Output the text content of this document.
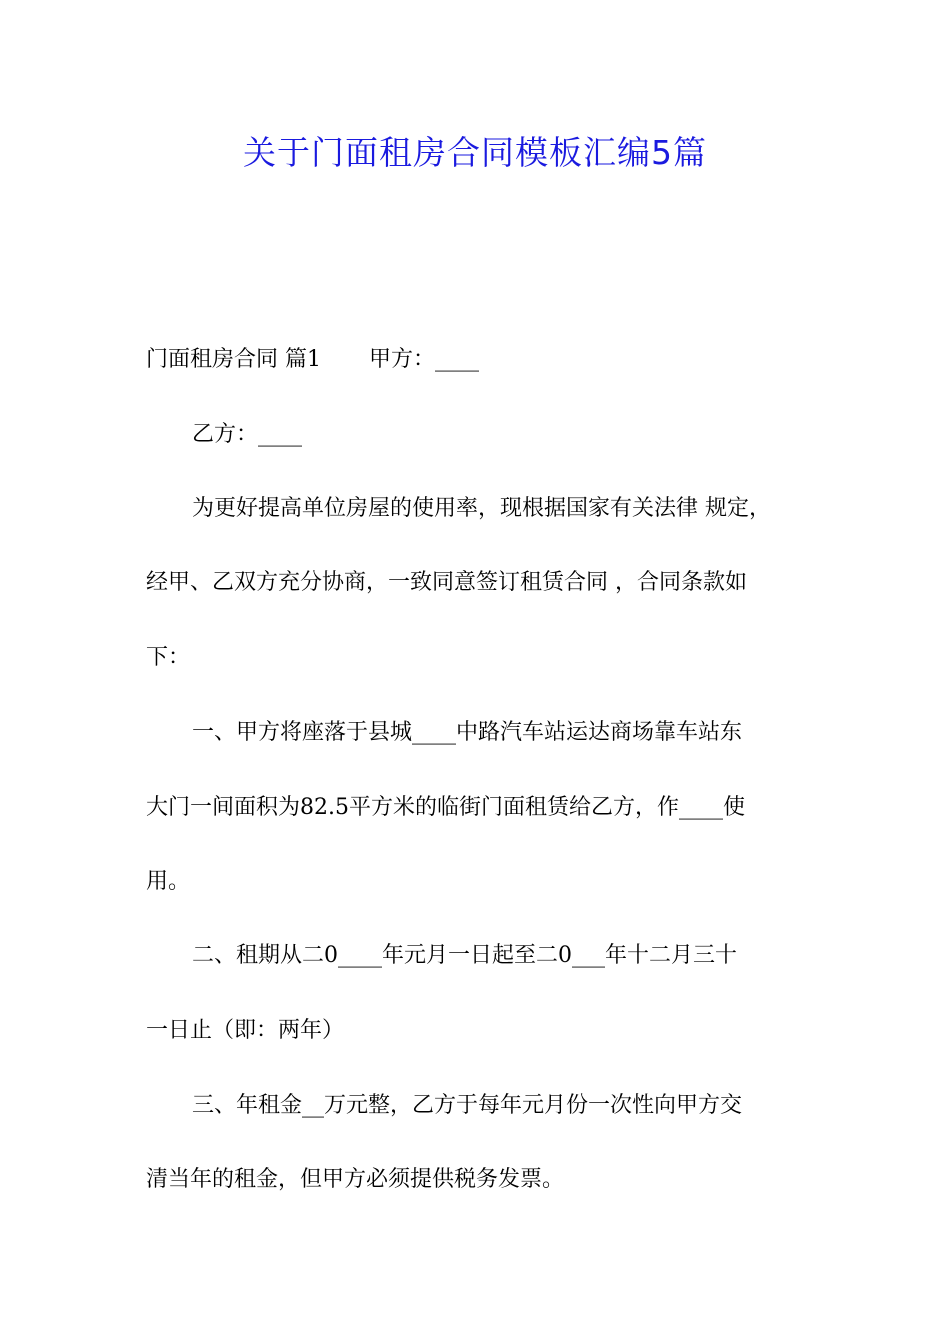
关于门面租房合同模板汇编5篇

门面租房合同 篇1 甲方：____

乙方：____

为更好提高单位房屋的使用率，现根据国家有关法律 规定，

经甲、乙双方充分协商，一致同意签订租赁合同 ，合同条款如

下：

一、甲方将座落于县城____中路汽车站运达商场靠车站东

大门一间面积为82.5平方米的临街门面租赁给乙方，作____使

用。

二、租期从二0____年元月一日起至二0___年十二月三十

一日止（即：两年）

三、年租金__万元整，乙方于每年元月份一次性向甲方交

清当年的租金，但甲方必须提供税务发票。
